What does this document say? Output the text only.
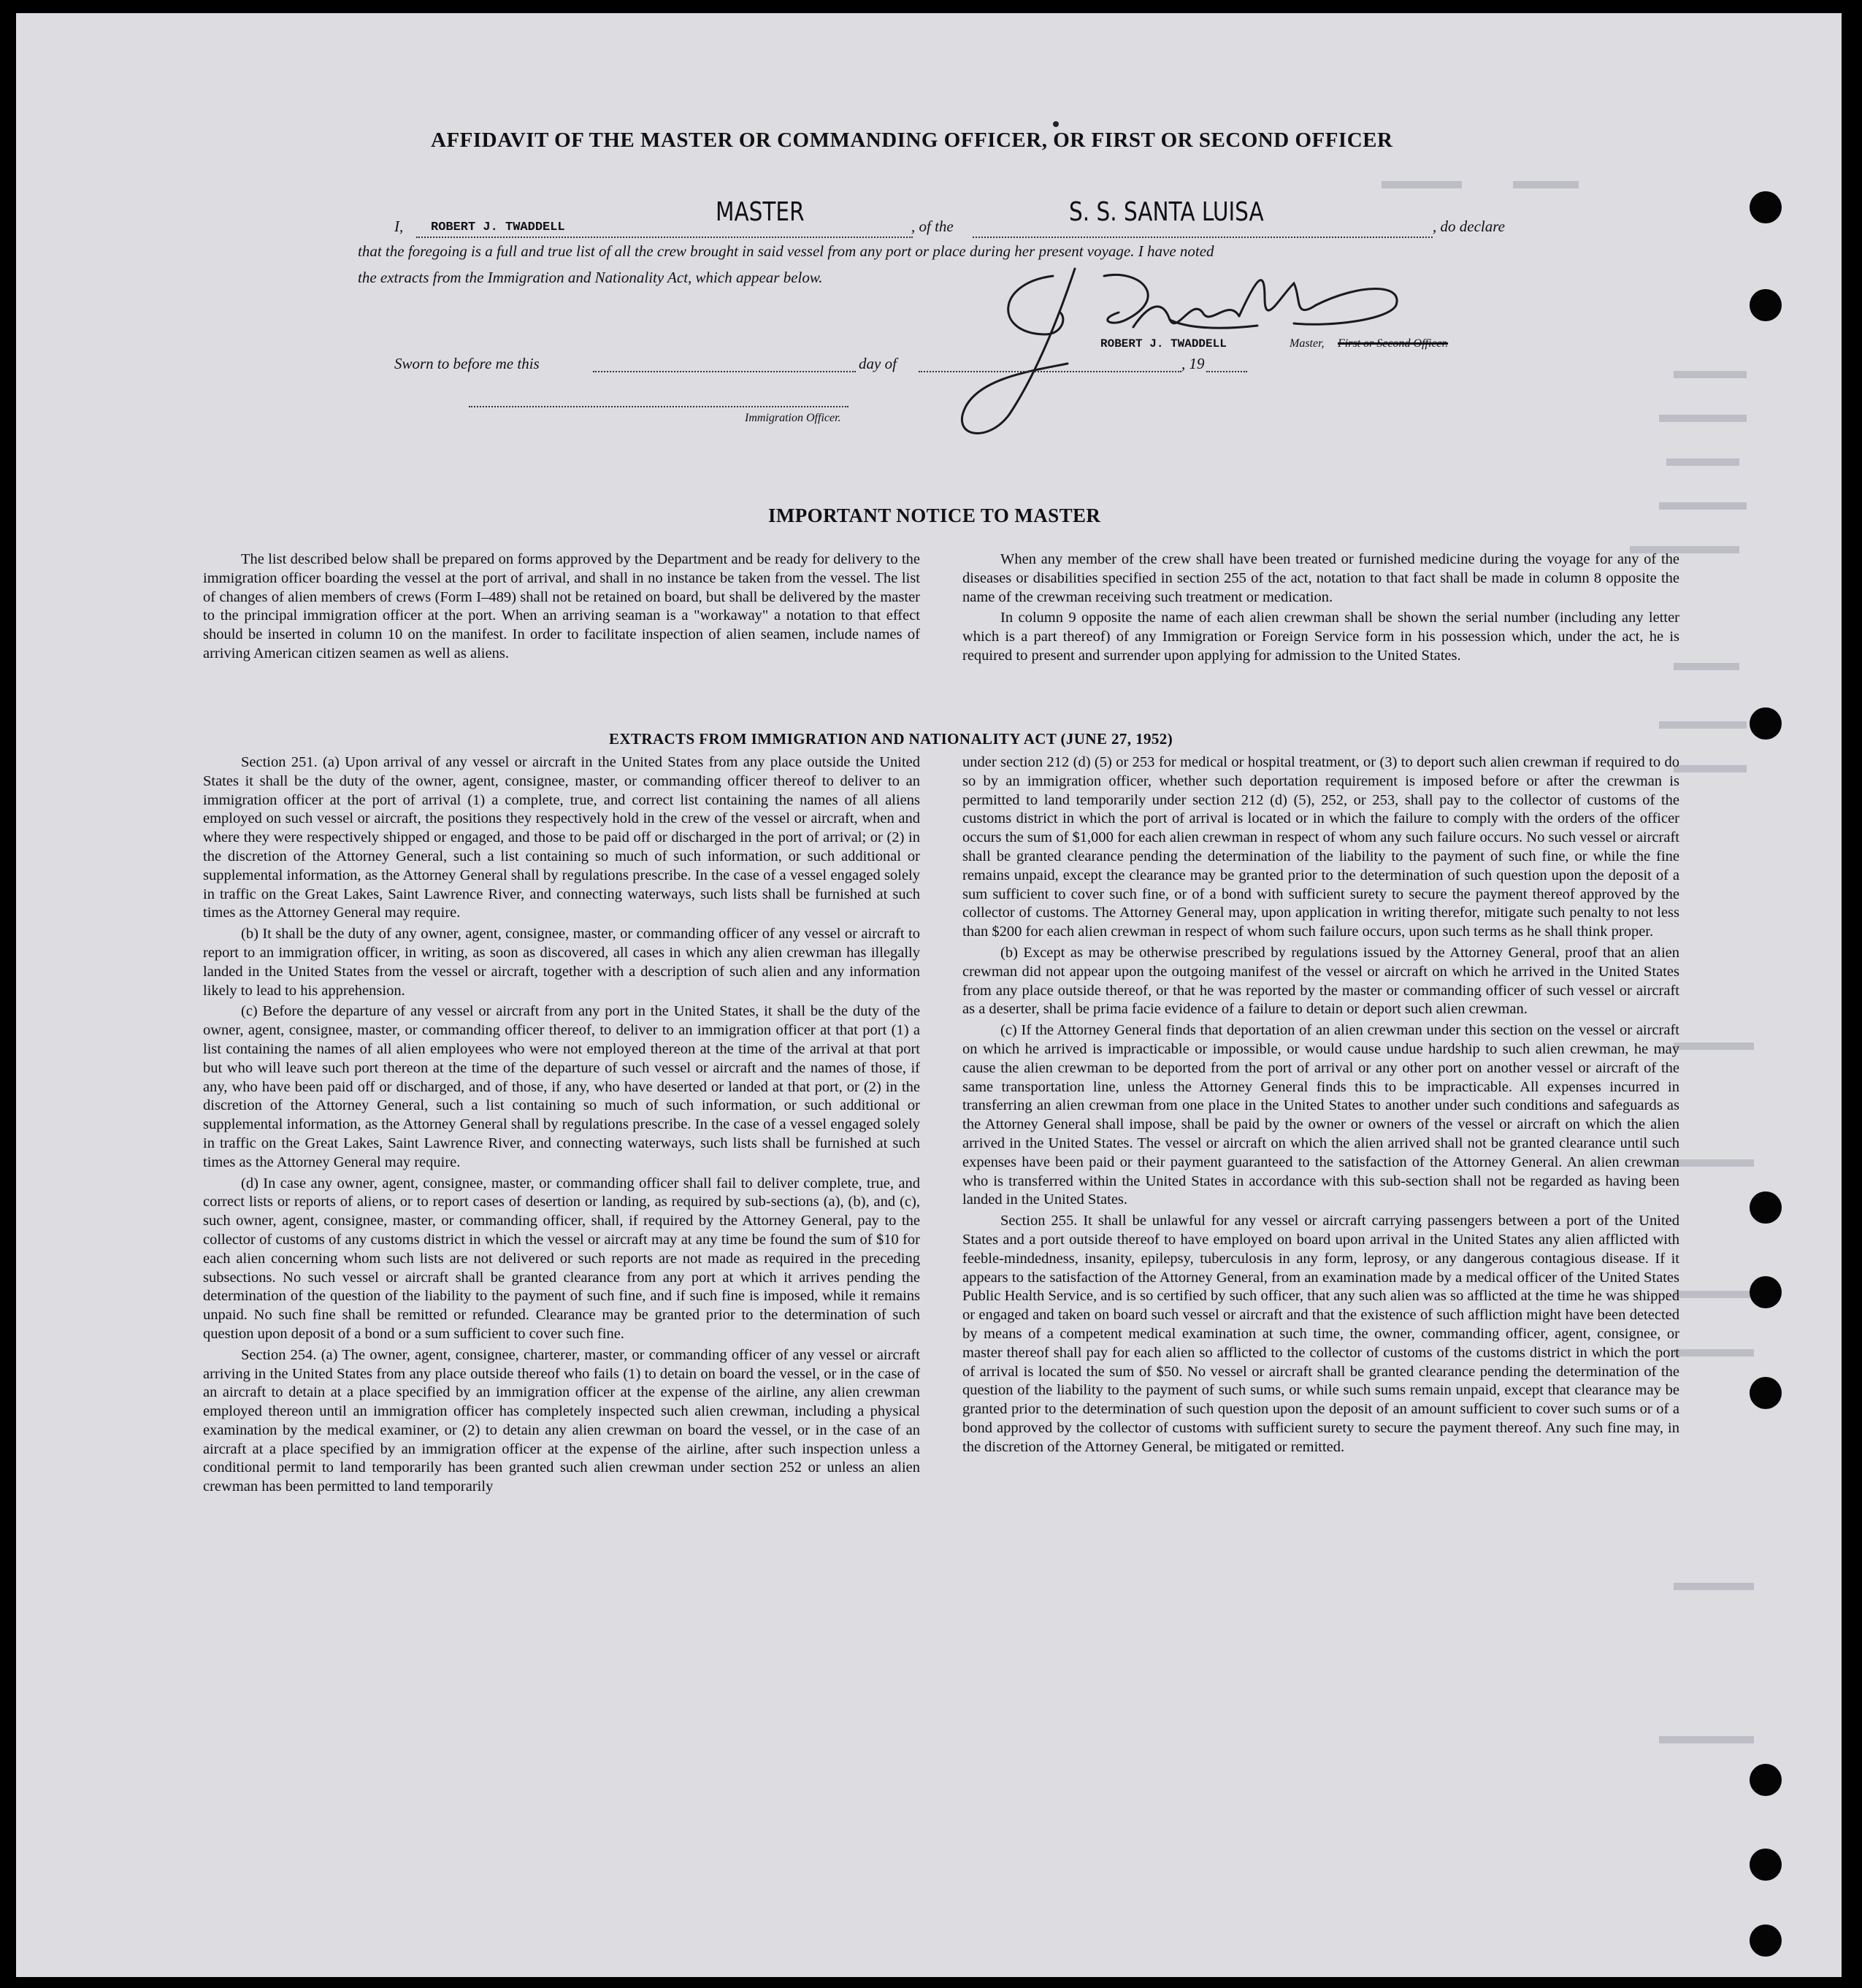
AFFIDAVIT OF THE MASTER OR COMMANDING OFFICER, OR FIRST OR SECOND OFFICER
I, ROBERT J. TWADDELL
MASTER	, of the	S. S. SANTA LUISA	, do declare
that the foregoing is a full and true list of all the crew brought in said vessel from any port or place during her present voyage. I have noted
the extracts from the Immigration and Nationality Act, which appear below.
Sworn to before me this	day of	, 19
ROBERT J. TWADDELL	Master, First or Second Officer.
Immigration Officer.
IMPORTANT NOTICE TO MASTER

The list described below shall be prepared on forms approved by the Department and be ready for delivery to the immigration officer boarding the vessel at the port of arrival, and shall in no instance be taken from the vessel. The list of changes of alien members of crews (Form I–489) shall not be retained on board, but shall be delivered by the master to the principal immigration officer at the port. When an arriving seaman is a "workaway" a notation to that effect should be inserted in column 10 on the manifest. In order to facilitate inspection of alien seamen, include names of arriving American citizen seamen as well as aliens.

When any member of the crew shall have been treated or furnished medicine during the voyage for any of the diseases or disabilities specified in section 255 of the act, notation to that fact shall be made in column 8 opposite the name of the crewman receiving such treatment or medication.

In column 9 opposite the name of each alien crewman shall be shown the serial number (including any letter which is a part thereof) of any Immigration or Foreign Service form in his possession which, under the act, he is required to present and surrender upon applying for admission to the United States.

EXTRACTS FROM IMMIGRATION AND NATIONALITY ACT (JUNE 27, 1952)

Section 251. (a) Upon arrival of any vessel or aircraft in the United States from any place outside the United States it shall be the duty of the owner, agent, consignee, master, or commanding officer thereof to deliver to an immigration officer at the port of arrival (1) a complete, true, and correct list containing the names of all aliens employed on such vessel or aircraft, the positions they respectively hold in the crew of the vessel or aircraft, when and where they were respectively shipped or engaged, and those to be paid off or discharged in the port of arrival; or (2) in the discretion of the Attorney General, such a list containing so much of such information, or such additional or supplemental information, as the Attorney General shall by regulations prescribe. In the case of a vessel engaged solely in traffic on the Great Lakes, Saint Lawrence River, and connecting waterways, such lists shall be furnished at such times as the Attorney General may require.

(b) It shall be the duty of any owner, agent, consignee, master, or commanding officer of any vessel or aircraft to report to an immigration officer, in writing, as soon as discovered, all cases in which any alien crewman has illegally landed in the United States from the vessel or aircraft, together with a description of such alien and any information likely to lead to his apprehension.

(c) Before the departure of any vessel or aircraft from any port in the United States, it shall be the duty of the owner, agent, consignee, master, or commanding officer thereof, to deliver to an immigration officer at that port (1) a list containing the names of all alien employees who were not employed thereon at the time of the arrival at that port but who will leave such port thereon at the time of the departure of such vessel or aircraft and the names of those, if any, who have been paid off or discharged, and of those, if any, who have deserted or landed at that port, or (2) in the discretion of the Attorney General, such a list containing so much of such information, or such additional or supplemental information, as the Attorney General shall by regulations prescribe. In the case of a vessel engaged solely in traffic on the Great Lakes, Saint Lawrence River, and connecting waterways, such lists shall be furnished at such times as the Attorney General may require.

(d) In case any owner, agent, consignee, master, or commanding officer shall fail to deliver complete, true, and correct lists or reports of aliens, or to report cases of desertion or landing, as required by sub-sections (a), (b), and (c), such owner, agent, consignee, master, or commanding officer, shall, if required by the Attorney General, pay to the collector of customs of any customs district in which the vessel or aircraft may at any time be found the sum of $10 for each alien concerning whom such lists are not delivered or such reports are not made as required in the preceding subsections. No such vessel or aircraft shall be granted clearance from any port at which it arrives pending the determination of the question of the liability to the payment of such fine, and if such fine is imposed, while it remains unpaid. No such fine shall be remitted or refunded. Clearance may be granted prior to the determination of such question upon deposit of a bond or a sum sufficient to cover such fine.

Section 254. (a) The owner, agent, consignee, charterer, master, or commanding officer of any vessel or aircraft arriving in the United States from any place outside thereof who fails (1) to detain on board the vessel, or in the case of an aircraft to detain at a place specified by an immigration officer at the expense of the airline, any alien crewman employed thereon until an immigration officer has completely inspected such alien crewman, including a physical examination by the medical examiner, or (2) to detain any alien crewman on board the vessel, or in the case of an aircraft at a place specified by an immigration officer at the expense of the airline, after such inspection unless a conditional permit to land temporarily has been granted such alien crewman under section 252 or unless an alien crewman has been permitted to land temporarily

under section 212 (d) (5) or 253 for medical or hospital treatment, or (3) to deport such alien crewman if required to do so by an immigration officer, whether such deportation requirement is imposed before or after the crewman is permitted to land temporarily under section 212 (d) (5), 252, or 253, shall pay to the collector of customs of the customs district in which the port of arrival is located or in which the failure to comply with the orders of the officer occurs the sum of $1,000 for each alien crewman in respect of whom any such failure occurs. No such vessel or aircraft shall be granted clearance pending the determination of the liability to the payment of such fine, or while the fine remains unpaid, except the clearance may be granted prior to the determination of such question upon the deposit of a sum sufficient to cover such fine, or of a bond with sufficient surety to secure the payment thereof approved by the collector of customs. The Attorney General may, upon application in writing therefor, mitigate such penalty to not less than $200 for each alien crewman in respect of whom such failure occurs, upon such terms as he shall think proper.

(b) Except as may be otherwise prescribed by regulations issued by the Attorney General, proof that an alien crewman did not appear upon the outgoing manifest of the vessel or aircraft on which he arrived in the United States from any place outside thereof, or that he was reported by the master or commanding officer of such vessel or aircraft as a deserter, shall be prima facie evidence of a failure to detain or deport such alien crewman.

(c) If the Attorney General finds that deportation of an alien crewman under this section on the vessel or aircraft on which he arrived is impracticable or impossible, or would cause undue hardship to such alien crewman, he may cause the alien crewman to be deported from the port of arrival or any other port on another vessel or aircraft of the same transportation line, unless the Attorney General finds this to be impracticable. All expenses incurred in transferring an alien crewman from one place in the United States to another under such conditions and safeguards as the Attorney General shall impose, shall be paid by the owner or owners of the vessel or aircraft on which the alien arrived in the United States. The vessel or aircraft on which the alien arrived shall not be granted clearance until such expenses have been paid or their payment guaranteed to the satisfaction of the Attorney General. An alien crewman who is transferred within the United States in accordance with this sub-section shall not be regarded as having been landed in the United States.

Section 255. It shall be unlawful for any vessel or aircraft carrying passengers between a port of the United States and a port outside thereof to have employed on board upon arrival in the United States any alien afflicted with feeble-mindedness, insanity, epilepsy, tuberculosis in any form, leprosy, or any dangerous contagious disease. If it appears to the satisfaction of the Attorney General, from an examination made by a medical officer of the United States Public Health Service, and is so certified by such officer, that any such alien was so afflicted at the time he was shipped or engaged and taken on board such vessel or aircraft and that the existence of such affliction might have been detected by means of a competent medical examination at such time, the owner, commanding officer, agent, consignee, or master thereof shall pay for each alien so afflicted to the collector of customs of the customs district in which the port of arrival is located the sum of $50. No vessel or aircraft shall be granted clearance pending the determination of the question of the liability to the payment of such sums, or while such sums remain unpaid, except that clearance may be granted prior to the determination of such question upon the deposit of an amount sufficient to cover such sums or of a bond approved by the collector of customs with sufficient surety to secure the payment thereof. Any such fine may, in the discretion of the Attorney General, be mitigated or remitted.
